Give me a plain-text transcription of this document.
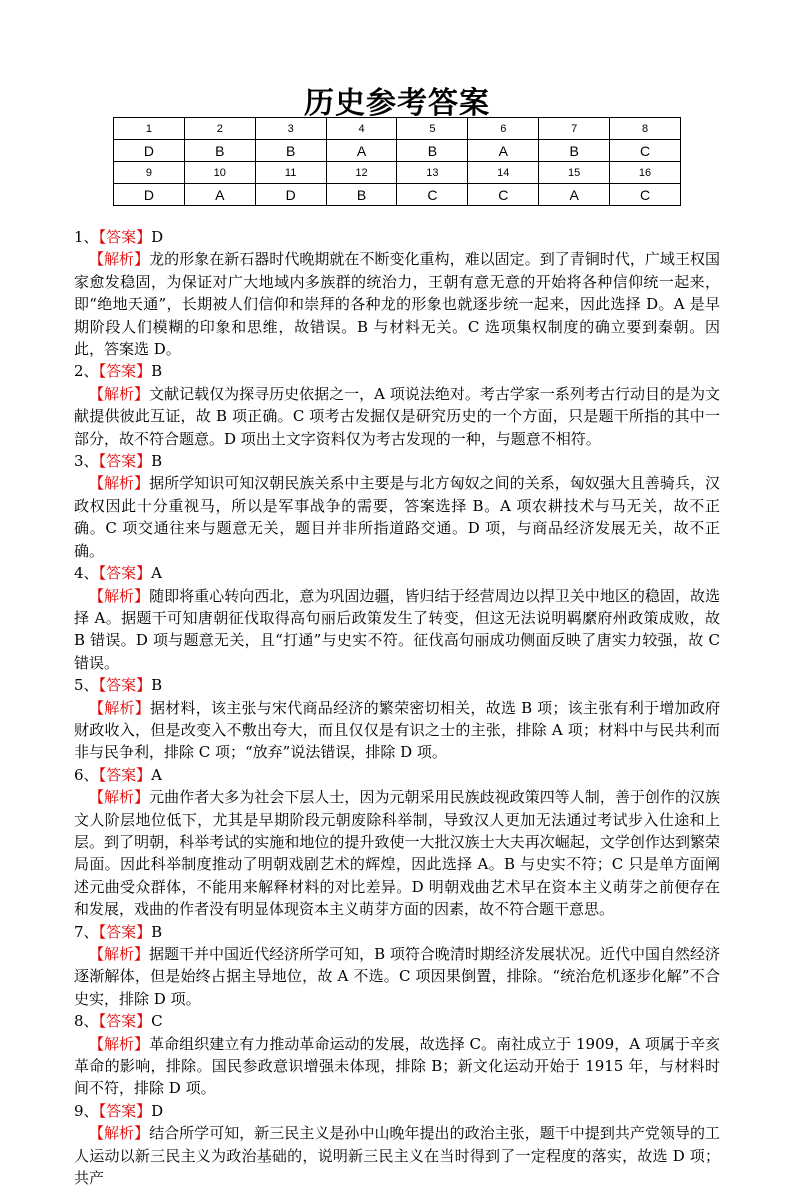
历史参考答案
1	2	3	4	5	6	7	8
D	B	B	A	B	A	B	C
9	10	11	12	13	14	15	16
D	A	D	B	C	C	A	C

1、【答案】D

【解析】龙的形象在新石器时代晚期就在不断变化重构，难以固定。到了青铜时代，广域王权国家愈发稳固，为保证对广大地域内多族群的统治力，王朝有意无意的开始将各种信仰统一起来，即“绝地天通”，长期被人们信仰和崇拜的各种龙的形象也就逐步统一起来，因此选择 D。A 是早期阶段人们模糊的印象和思维，故错误。B 与材料无关。C 选项集权制度的确立要到秦朝。因此，答案选 D。

2、【答案】B

【解析】文献记载仅为探寻历史依据之一，A 项说法绝对。考古学家一系列考古行动目的是为文献提供彼此互证，故 B 项正确。C 项考古发掘仅是研究历史的一个方面，只是题干所指的其中一部分，故不符合题意。D 项出土文字资料仅为考古发现的一种，与题意不相符。

3、【答案】B

【解析】据所学知识可知汉朝民族关系中主要是与北方匈奴之间的关系，匈奴强大且善骑兵，汉政权因此十分重视马，所以是军事战争的需要，答案选择 B。A 项农耕技术与马无关，故不正确。C 项交通往来与题意无关，题目并非所指道路交通。D 项，与商品经济发展无关，故不正确。

4、【答案】A

【解析】随即将重心转向西北，意为巩固边疆，皆归结于经营周边以捍卫关中地区的稳固，故选择 A。据题干可知唐朝征伐取得高句丽后政策发生了转变，但这无法说明羁縻府州政策成败，故 B 错误。D 项与题意无关，且“打通”与史实不符。征伐高句丽成功侧面反映了唐实力较强，故 C 错误。

5、【答案】B

【解析】据材料，该主张与宋代商品经济的繁荣密切相关，故选 B 项；该主张有利于增加政府财政收入，但是改变入不敷出夸大，而且仅仅是有识之士的主张，排除 A 项；材料中与民共利而非与民争利，排除 C 项；“放弃”说法错误，排除 D 项。

6、【答案】A

【解析】元曲作者大多为社会下层人士，因为元朝采用民族歧视政策四等人制，善于创作的汉族文人阶层地位低下，尤其是早期阶段元朝废除科举制，导致汉人更加无法通过考试步入仕途和上层。到了明朝，科举考试的实施和地位的提升致使一大批汉族士大夫再次崛起，文学创作达到繁荣局面。因此科举制度推动了明朝戏剧艺术的辉煌，因此选择 A。B 与史实不符；C 只是单方面阐述元曲受众群体，不能用来解释材料的对比差异。D 明朝戏曲艺术早在资本主义萌芽之前便存在和发展，戏曲的作者没有明显体现资本主义萌芽方面的因素，故不符合题干意思。

7、【答案】B

【解析】据题干并中国近代经济所学可知，B 项符合晚清时期经济发展状况。近代中国自然经济逐渐解体，但是始终占据主导地位，故 A 不选。C 项因果倒置，排除。“统治危机逐步化解”不合史实，排除 D 项。

8、【答案】C

【解析】革命组织建立有力推动革命运动的发展，故选择 C。南社成立于 1909，A 项属于辛亥革命的影响，排除。国民参政意识增强未体现，排除 B；新文化运动开始于 1915 年，与材料时间不符，排除 D 项。

9、【答案】D

【解析】结合所学可知，新三民主义是孙中山晚年提出的政治主张，题干中提到共产党领导的工人运动以新三民主义为政治基础的，说明新三民主义在当时得到了一定程度的落实，故选 D 项；共产
